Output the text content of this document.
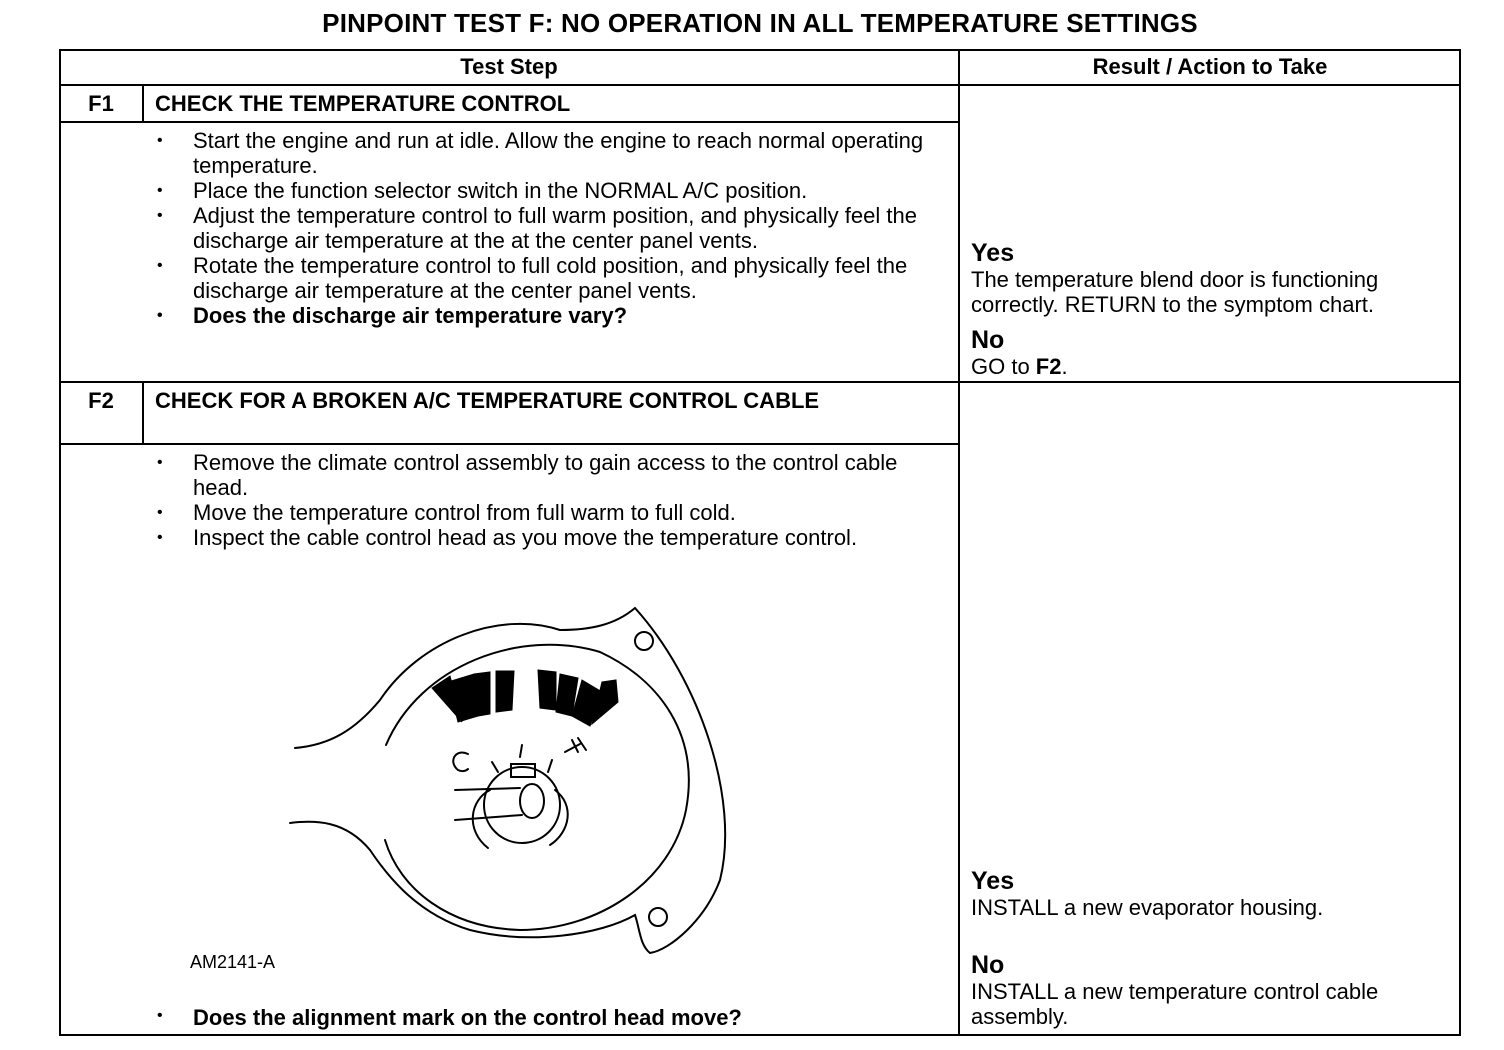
PINPOINT TEST F: NO OPERATION IN ALL TEMPERATURE SETTINGS
Test Step	Result / Action to Take
F1	CHECK THE TEMPERATURE CONTROL
• Start the engine and run at idle. Allow the engine to reach normal operating temperature.
• Place the function selector switch in the NORMAL A/C position.
• Adjust the temperature control to full warm position, and physically feel the discharge air temperature at the at the center panel vents.
• Rotate the temperature control to full cold position, and physically feel the discharge air temperature at the center panel vents.
• Does the discharge air temperature vary?
Yes
The temperature blend door is functioning correctly. RETURN to the symptom chart.
No
GO to F2.
F2	CHECK FOR A BROKEN A/C TEMPERATURE CONTROL CABLE
• Remove the climate control assembly to gain access to the control cable head.
• Move the temperature control from full warm to full cold.
• Inspect the cable control head as you move the temperature control.
AM2141-A
• Does the alignment mark on the control head move?
Yes
INSTALL a new evaporator housing.
No
INSTALL a new temperature control cable assembly.
